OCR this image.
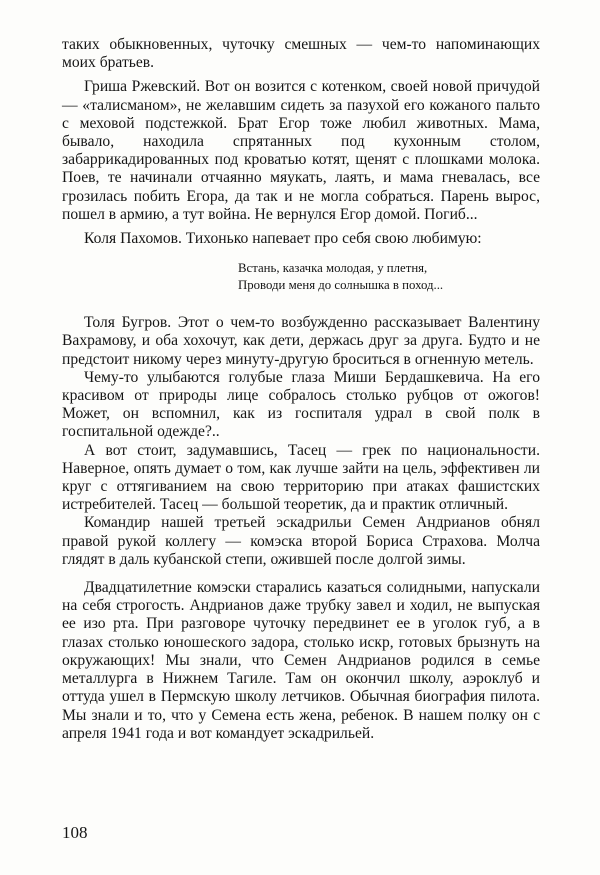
таких обыкновенных, чуточку смешных — чем-то напоминающих моих братьев.

Гриша Ржевский. Вот он возится с котенком, своей новой причудой — «талисманом», не желавшим сидеть за пазухой его кожаного пальто с меховой подстежкой. Брат Егор тоже любил животных. Мама, бывало, находила спрятанных под кухонным столом, забаррикадированных под кроватью котят, щенят с плошками молока. Поев, те начинали отчаянно мяукать, лаять, и мама гневалась, все грозилась побить Егора, да так и не могла собраться. Парень вырос, пошел в армию, а тут война. Не вернулся Егор домой. Погиб...

Коля Пахомов. Тихонько напевает про себя свою любимую:

Встань, казачка молодая, у плетня,
Проводи меня до солнышка в поход...

Толя Бугров. Этот о чем-то возбужденно рассказывает Валентину Вахрамову, и оба хохочут, как дети, держась друг за друга. Будто и не предстоит никому через минуту-другую броситься в огненную метель.

Чему-то улыбаются голубые глаза Миши Бердашкевича. На его красивом от природы лице собралось столько рубцов от ожогов! Может, он вспомнил, как из госпиталя удрал в свой полк в госпитальной одежде?..

А вот стоит, задумавшись, Тасец — грек по национальности. Наверное, опять думает о том, как лучше зайти на цель, эффективен ли круг с оттягиванием на свою территорию при атаках фашистских истребителей. Тасец — большой теоретик, да и практик отличный.

Командир нашей третьей эскадрильи Семен Андрианов обнял правой рукой коллегу — комэска второй Бориса Страхова. Молча глядят в даль кубанской степи, ожившей после долгой зимы.

Двадцатилетние комэски старались казаться солидными, напускали на себя строгость. Андрианов даже трубку завел и ходил, не выпуская ее изо рта. При разговоре чуточку передвинет ее в уголок губ, а в глазах столько юношеского задора, столько искр, готовых брызнуть на окружающих! Мы знали, что Семен Андрианов родился в семье металлурга в Нижнем Тагиле. Там он окончил школу, аэроклуб и оттуда ушел в Пермскую школу летчиков. Обычная биография пилота. Мы знали и то, что у Семена есть жена, ребенок. В нашем полку он с апреля 1941 года и вот командует эскадрильей.

108
